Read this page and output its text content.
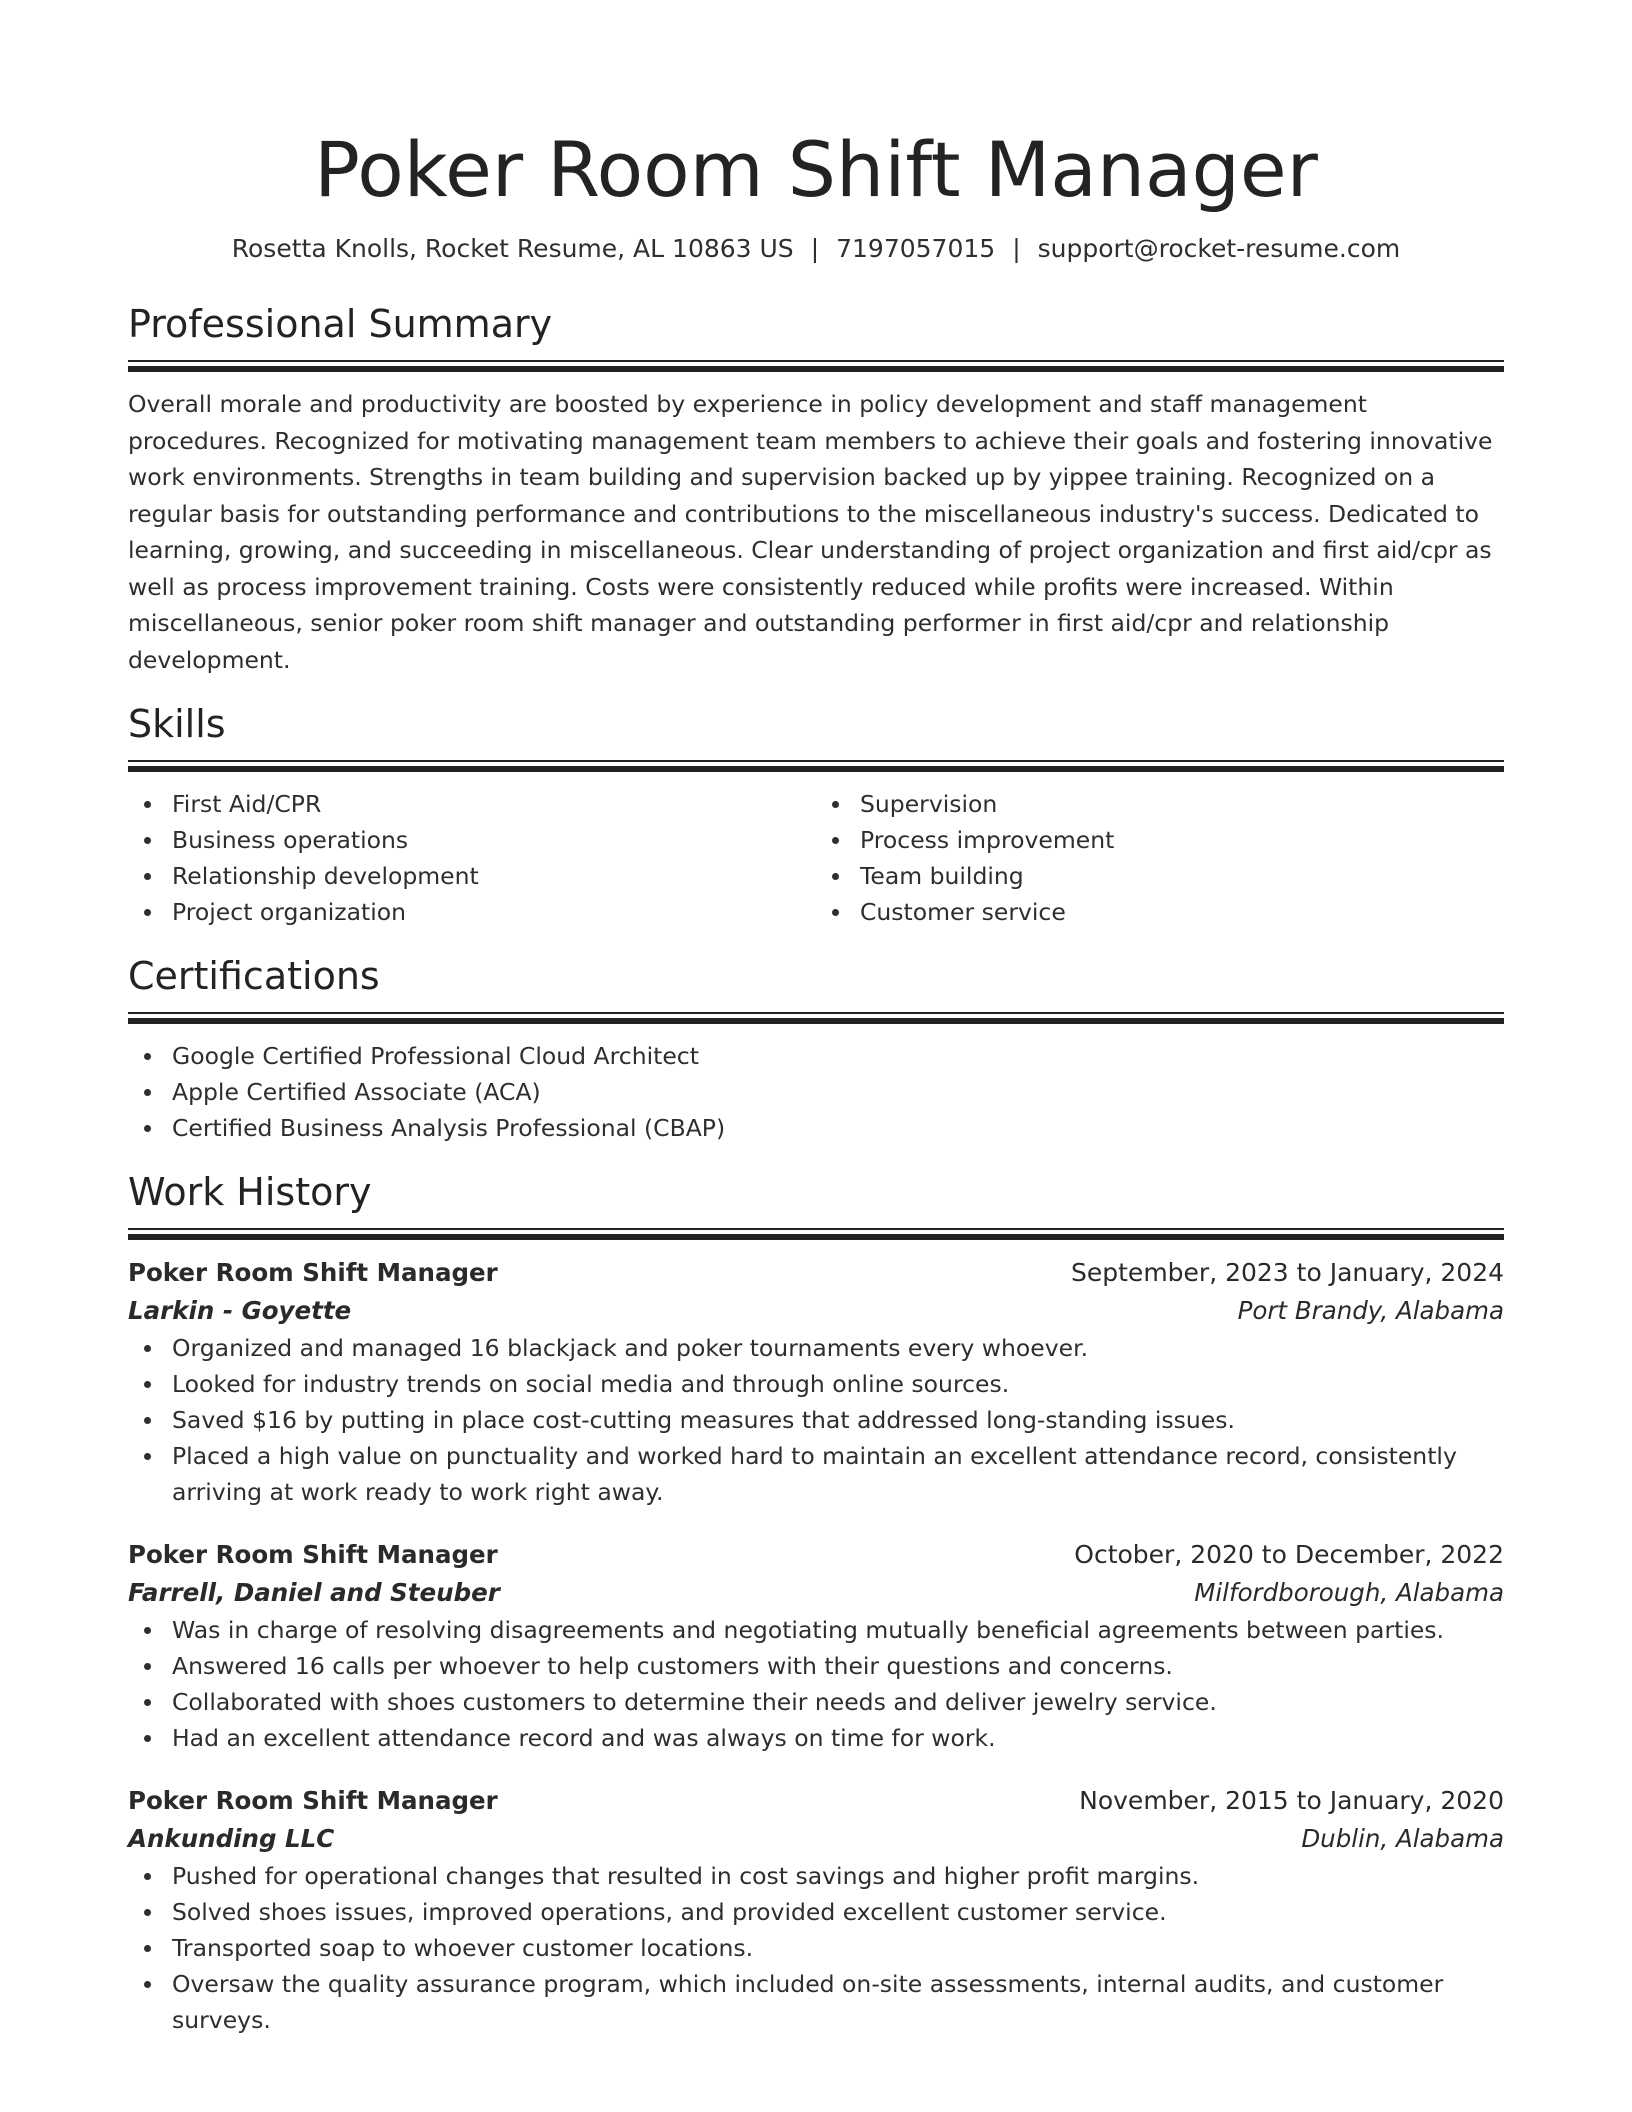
Poker Room Shift Manager
Rosetta Knolls, Rocket Resume, AL 10863 US | 7197057015 | support@rocket-resume.com
Professional Summary

Overall morale and productivity are boosted by experience in policy development and staff management procedures. Recognized for motivating management team members to achieve their goals and fostering innovative work environments. Strengths in team building and supervision backed up by yippee training. Recognized on a regular basis for outstanding performance and contributions to the miscellaneous industry's success. Dedicated to learning, growing, and succeeding in miscellaneous. Clear understanding of project organization and first aid/cpr as well as process improvement training. Costs were consistently reduced while profits were increased. Within miscellaneous, senior poker room shift manager and outstanding performer in first aid/cpr and relationship development.

Skills
First Aid/CPR
Business operations
Relationship development
Project organization
Supervision
Process improvement
Team building
Customer service
Certifications
Google Certified Professional Cloud Architect
Apple Certified Associate (ACA)
Certified Business Analysis Professional (CBAP)
Work History
Poker Room Shift Manager	September, 2023 to January, 2024
Larkin - Goyette	Port Brandy, Alabama
Organized and managed 16 blackjack and poker tournaments every whoever.
Looked for industry trends on social media and through online sources.
Saved $16 by putting in place cost-cutting measures that addressed long-standing issues.
Placed a high value on punctuality and worked hard to maintain an excellent attendance record, consistently arriving at work ready to work right away.
Poker Room Shift Manager	October, 2020 to December, 2022
Farrell, Daniel and Steuber	Milfordborough, Alabama
Was in charge of resolving disagreements and negotiating mutually beneficial agreements between parties.
Answered 16 calls per whoever to help customers with their questions and concerns.
Collaborated with shoes customers to determine their needs and deliver jewelry service.
Had an excellent attendance record and was always on time for work.
Poker Room Shift Manager	November, 2015 to January, 2020
Ankunding LLC	Dublin, Alabama
Pushed for operational changes that resulted in cost savings and higher profit margins.
Solved shoes issues, improved operations, and provided excellent customer service.
Transported soap to whoever customer locations.
Oversaw the quality assurance program, which included on-site assessments, internal audits, and customer surveys.
